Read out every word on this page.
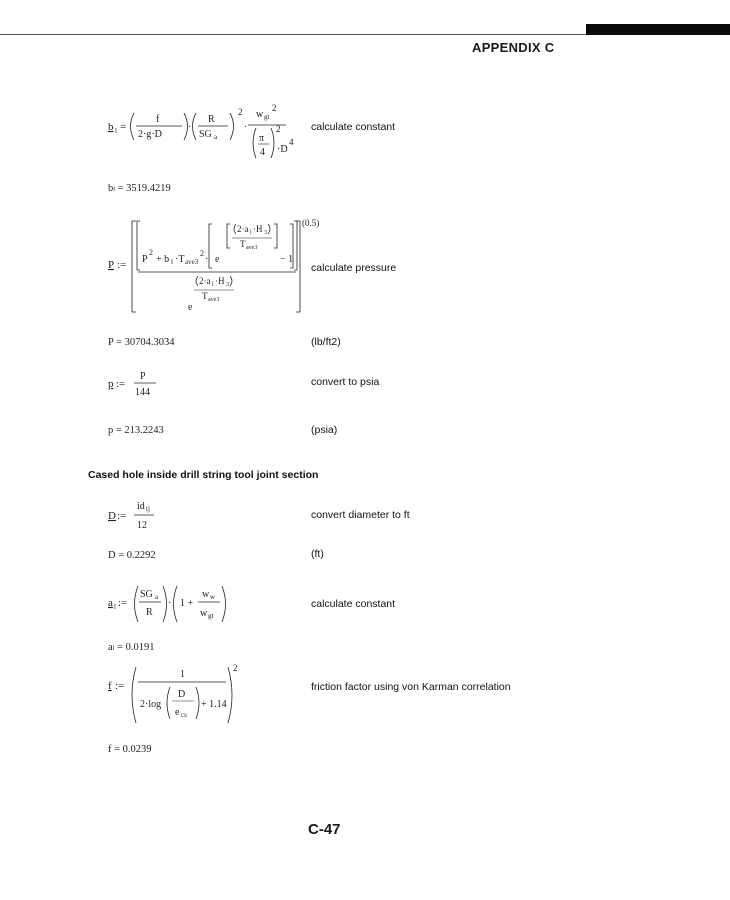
APPENDIX C
b l =
f
2·g·D
·
R
SG a
2
·
w gt
2
π
4
2
·D
4
calculate constant
bₗ = 3519.4219
P := P
2
+ b l ·T ave3
2
· e
2·a l ·H 3
T ave3
− 1
2·a l ·H 3
T ave3
e
(0.5)
calculate pressure
P = 30704.3034	(lb/ft2)
p :=
P
144
convert to psia
p = 213.2243	(psia)
Cased hole inside drill string tool joint section
D :=
id tj
12
convert diameter to ft
D = 0.2292	(ft)
a l :=
SG a
R
· 1 +
w w
w gt
calculate constant
aₗ = 0.0191
f :=
1
2·log
D
e cs
+ 1.14
2
friction factor using von Karman correlation
f = 0.0239
C-47
